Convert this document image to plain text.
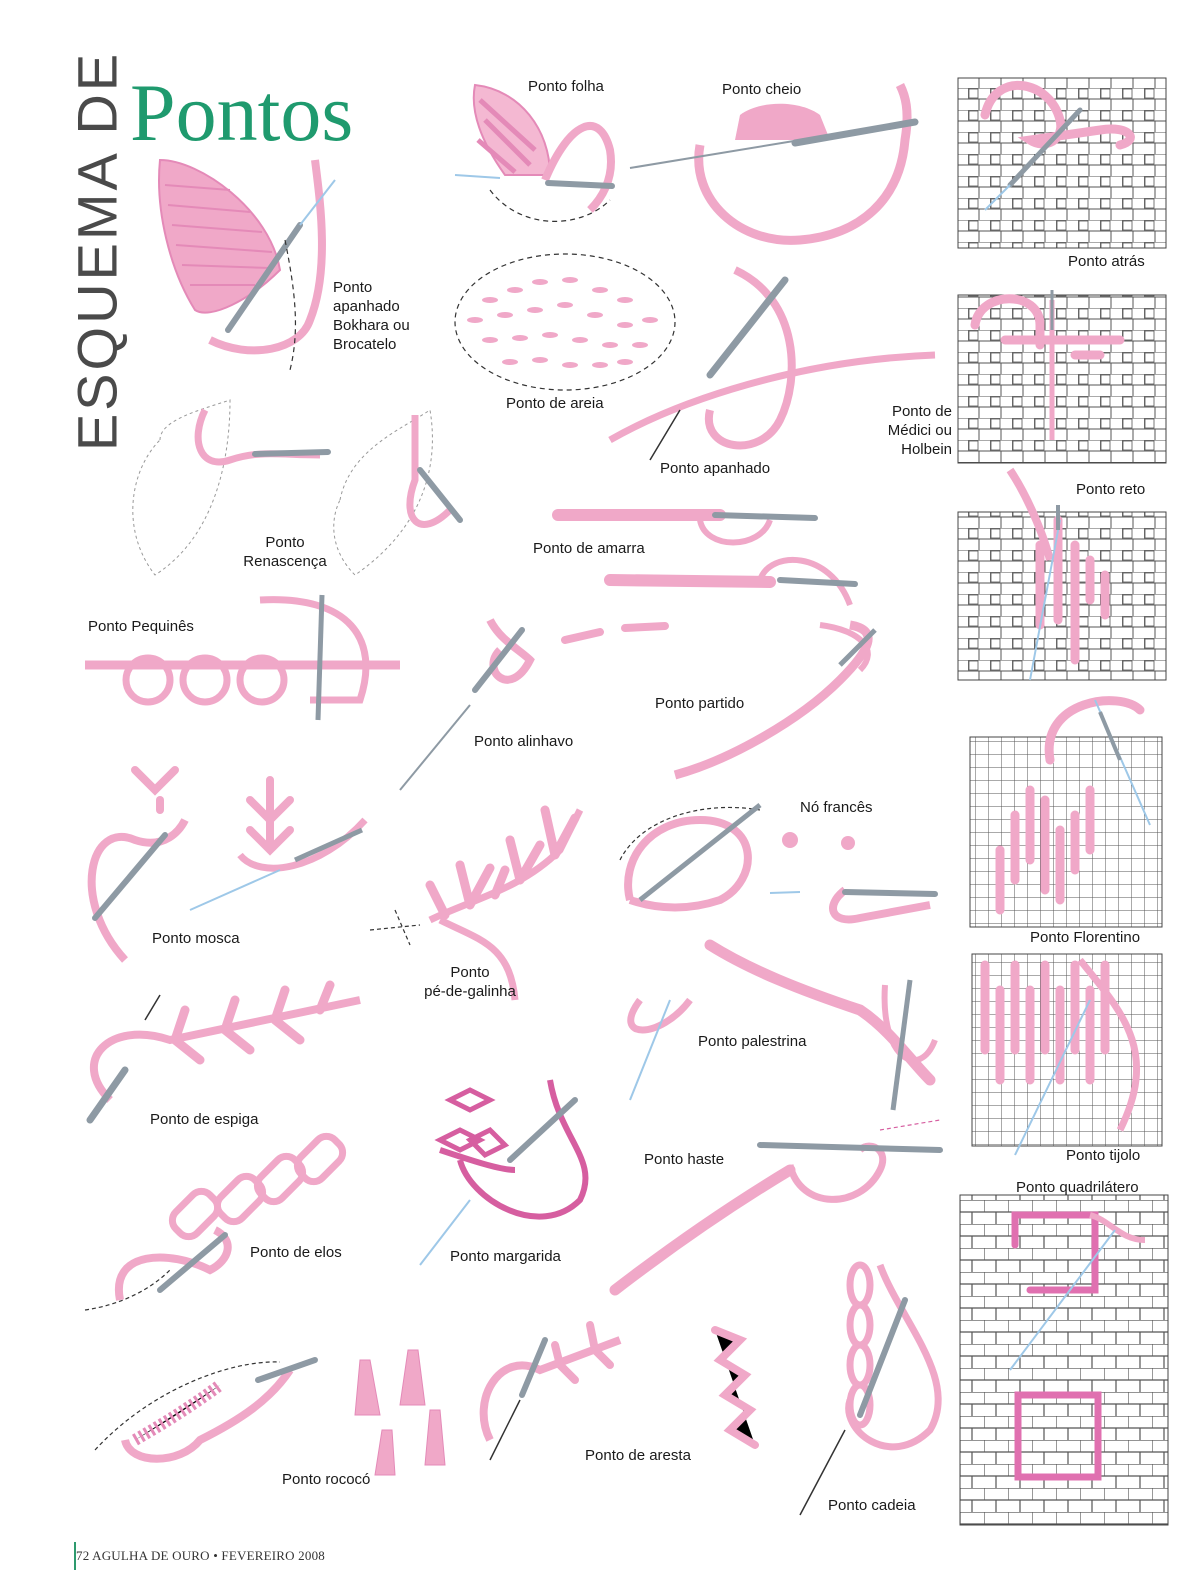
ESQUEMA DE Pontos	Ponto folha	Ponto cheio
Ponto atrás
Ponto
apanhado
Bokhara ou
Brocatelo
Ponto de areia
Ponto apanhado
Ponto de
Médici ou
Holbein
Ponto reto
Ponto
Renascença
Ponto de amarra
Ponto Pequinês
Ponto partido
Ponto alinhavo
Nó francês
Ponto mosca	Ponto Florentino
Ponto
pé-de-galinha
Ponto palestrina
Ponto de espiga
Ponto tijolo
Ponto haste
Ponto quadrilátero
Ponto de elos	Ponto margarida
Ponto de aresta
Ponto rococó
Ponto cadeia
72 AGULHA DE OURO • FEVEREIRO 2008
